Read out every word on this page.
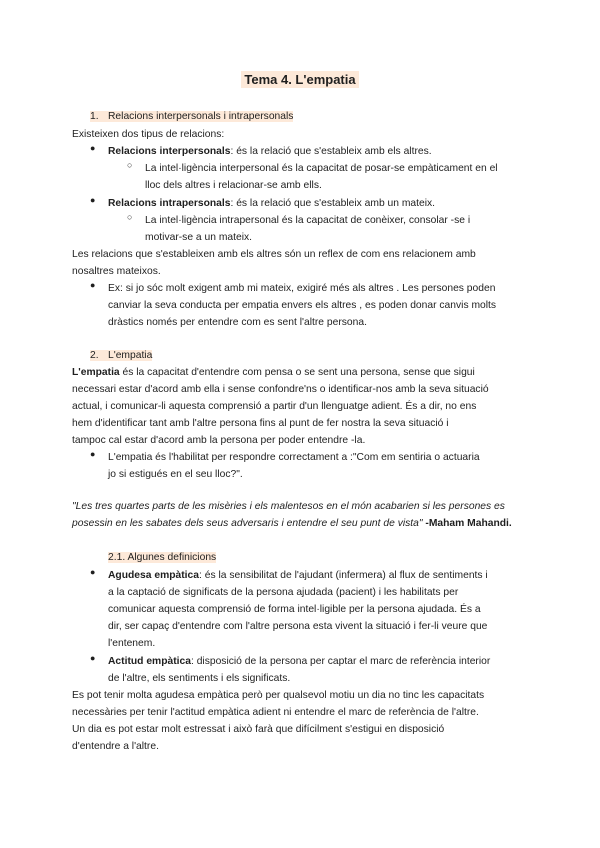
Tema 4. L'empatia
1. Relacions interpersonals i intrapersonals
Existeixen dos tipus de relacions:
●	Relacions interpersonals: és la relació que s'estableix amb els altres.
○	La intel·ligència interpersonal és la capacitat de posar-se empàticament en el
lloc dels altres i relacionar-se amb ells.
●	Relacions intrapersonals: és la relació que s'estableix amb un mateix.
○	La intel·ligència intrapersonal és la capacitat de conèixer, consolar -se i
motivar-se a un mateix.
Les relacions que s'estableixen amb els altres són un reflex de com ens relacionem amb
nosaltres mateixos.
●	Ex: si jo sóc molt exigent amb mi mateix, exigiré més als altres . Les persones poden
canviar la seva conducta per empatia envers els altres , es poden donar canvis molts
dràstics només per entendre com es sent l'altre persona.
2. L'empatia
L'empatia és la capacitat d'entendre com pensa o se sent una persona, sense que sigui
necessari estar d'acord amb ella i sense confondre'ns o identificar-nos amb la seva situació
actual, i comunicar-li aquesta comprensió a partir d'un llenguatge adient. És a dir, no ens
hem d'identificar tant amb l'altre persona fins al punt de fer nostra la seva situació i
tampoc cal estar d'acord amb la persona per poder entendre -la.
●	L'empatia és l'habilitat per respondre correctament a :"Com em sentiria o actuaria
jo si estigués en el seu lloc?".
"Les tres quartes parts de les misèries i els malentesos en el món acabarien si les persones es
posessin en les sabates dels seus adversaris i entendre el seu punt de vista" -Maham Mahandi.
2.1. Algunes definicions
●	Agudesa empàtica: és la sensibilitat de l'ajudant (infermera) al flux de sentiments i
a la captació de significats de la persona ajudada (pacient) i les habilitats per
comunicar aquesta comprensió de forma intel·ligible per la persona ajudada. És a
dir, ser capaç d'entendre com l'altre persona esta vivent la situació i fer-li veure que
l'entenem.
●	Actitud empàtica: disposició de la persona per captar el marc de referència interior
de l'altre, els sentiments i els significats.
Es pot tenir molta agudesa empàtica però per qualsevol motiu un dia no tinc les capacitats
necessàries per tenir l'actitud empàtica adient ni entendre el marc de referència de l'altre.
Un dia es pot estar molt estressat i això farà que difícilment s'estigui en disposició
d'entendre a l'altre.
